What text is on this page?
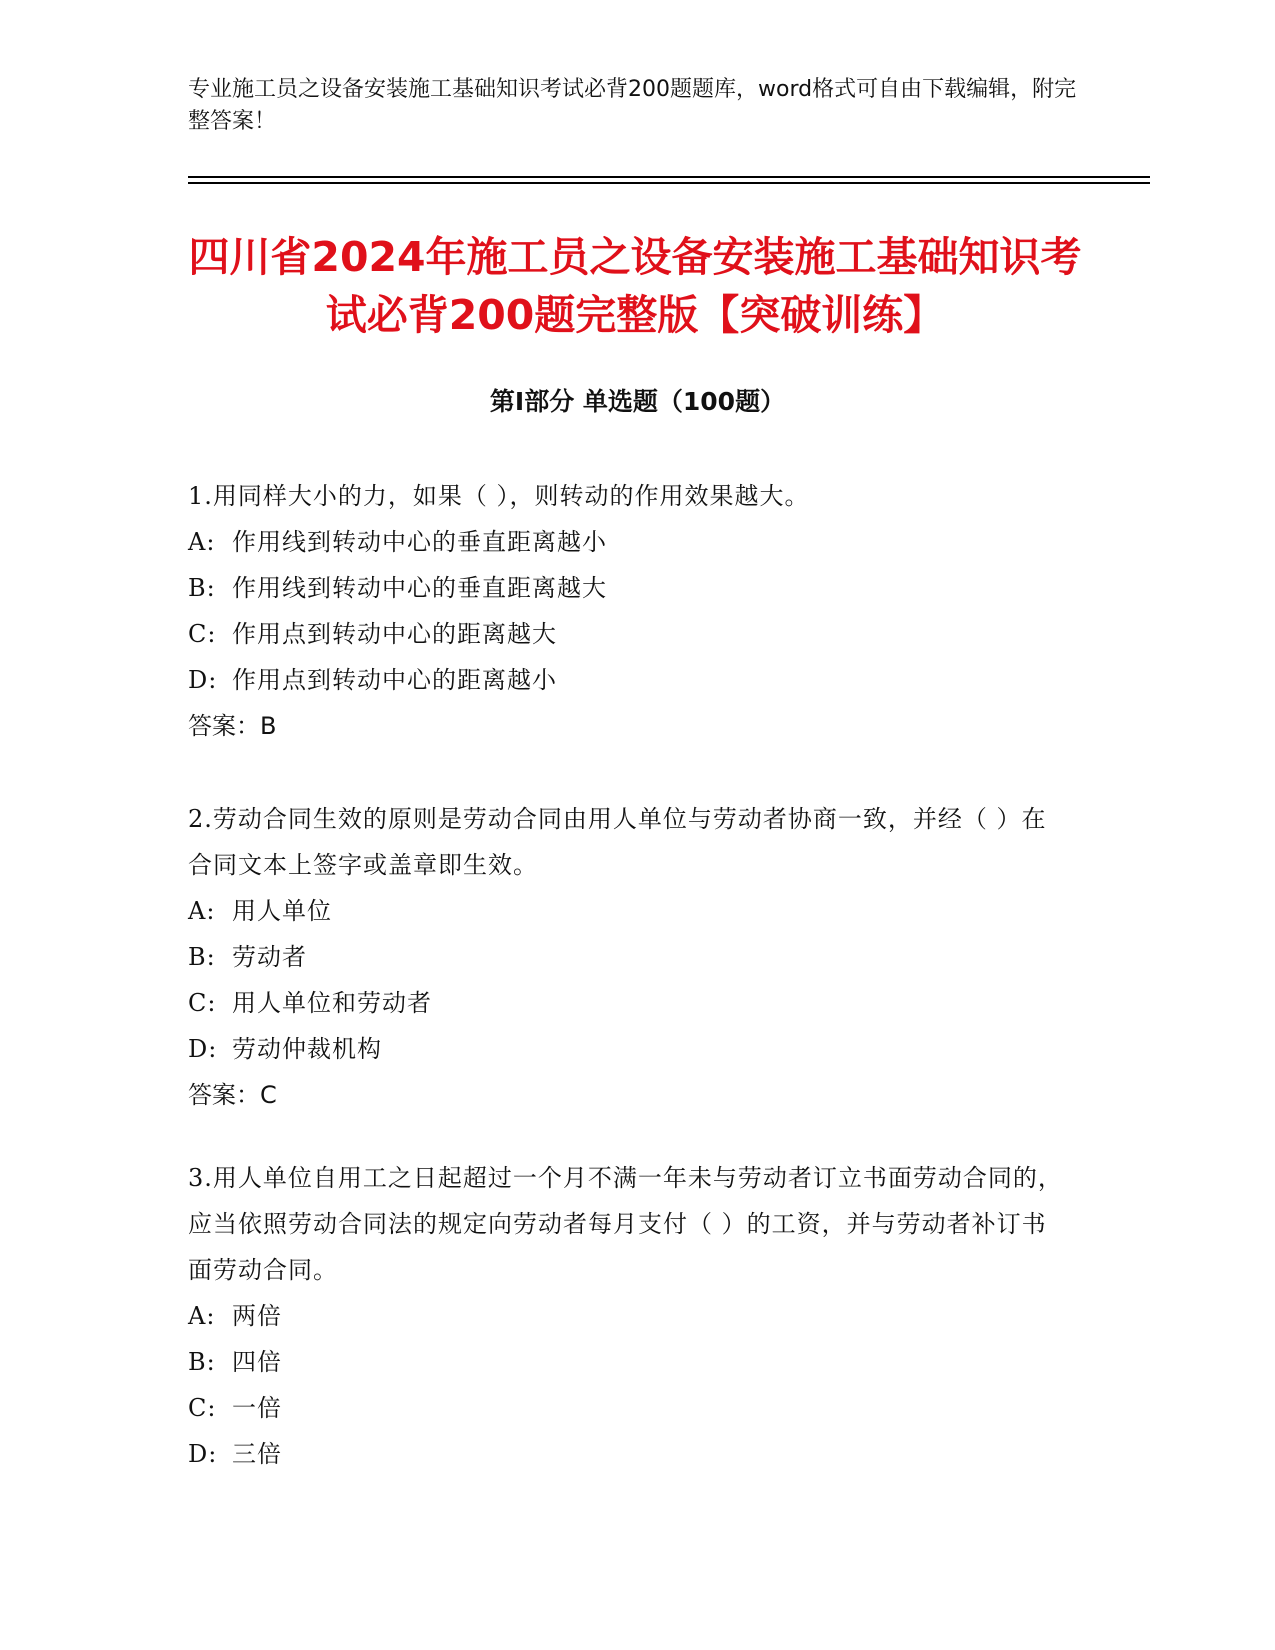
专业施工员之设备安装施工基础知识考试必背200题题库，word格式可自由下载编辑，附完整答案！
四川省2024年施工员之设备安装施工基础知识考试必背200题完整版【突破训练】
第I部分 单选题（100题）
1.用同样大小的力，如果（ ），则转动的作用效果越大。
A: 作用线到转动中心的垂直距离越小
B: 作用线到转动中心的垂直距离越大
C: 作用点到转动中心的距离越大
D: 作用点到转动中心的距离越小
答案：B
2.劳动合同生效的原则是劳动合同由用人单位与劳动者协商一致，并经（ ）在合同文本上签字或盖章即生效。
A: 用人单位
B: 劳动者
C: 用人单位和劳动者
D: 劳动仲裁机构
答案：C
3.用人单位自用工之日起超过一个月不满一年未与劳动者订立书面劳动合同的，应当依照劳动合同法的规定向劳动者每月支付（ ）的工资，并与劳动者补订书面劳动合同。
A: 两倍
B: 四倍
C: 一倍
D: 三倍
